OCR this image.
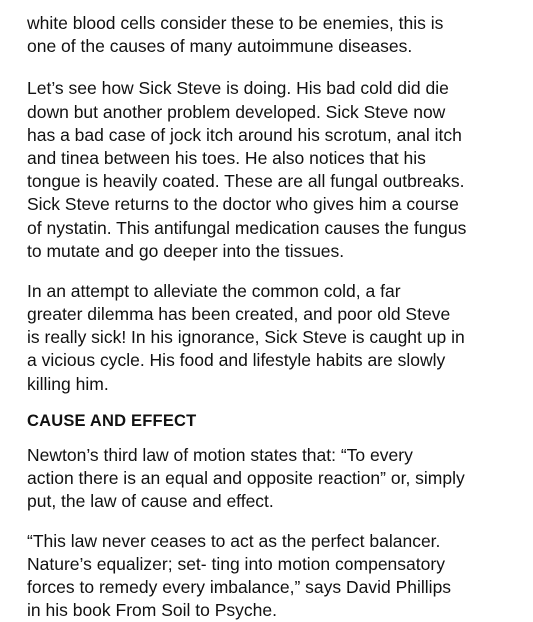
white blood cells consider these to be enemies, this is
one of the causes of many autoimmune diseases.
Let’s see how Sick Steve is doing. His bad cold did die
down but another problem developed. Sick Steve now
has a bad case of jock itch around his scrotum, anal itch
and tinea between his toes. He also notices that his
tongue is heavily coated. These are all fungal outbreaks.
Sick Steve returns to the doctor who gives him a course
of nystatin. This antifungal medication causes the fungus
to mutate and go deeper into the tissues.
In an attempt to alleviate the common cold, a far
greater dilemma has been created, and poor old Steve
is really sick! In his ignorance, Sick Steve is caught up in
a vicious cycle. His food and lifestyle habits are slowly
killing him.
CAUSE AND EFFECT
Newton’s third law of motion states that: “To every
action there is an equal and opposite reaction” or, simply
put, the law of cause and effect.
“This law never ceases to act as the perfect balancer.
Nature’s equalizer; set- ting into motion compensatory
forces to remedy every imbalance,” says David Phillips
in his book From Soil to Psyche.
